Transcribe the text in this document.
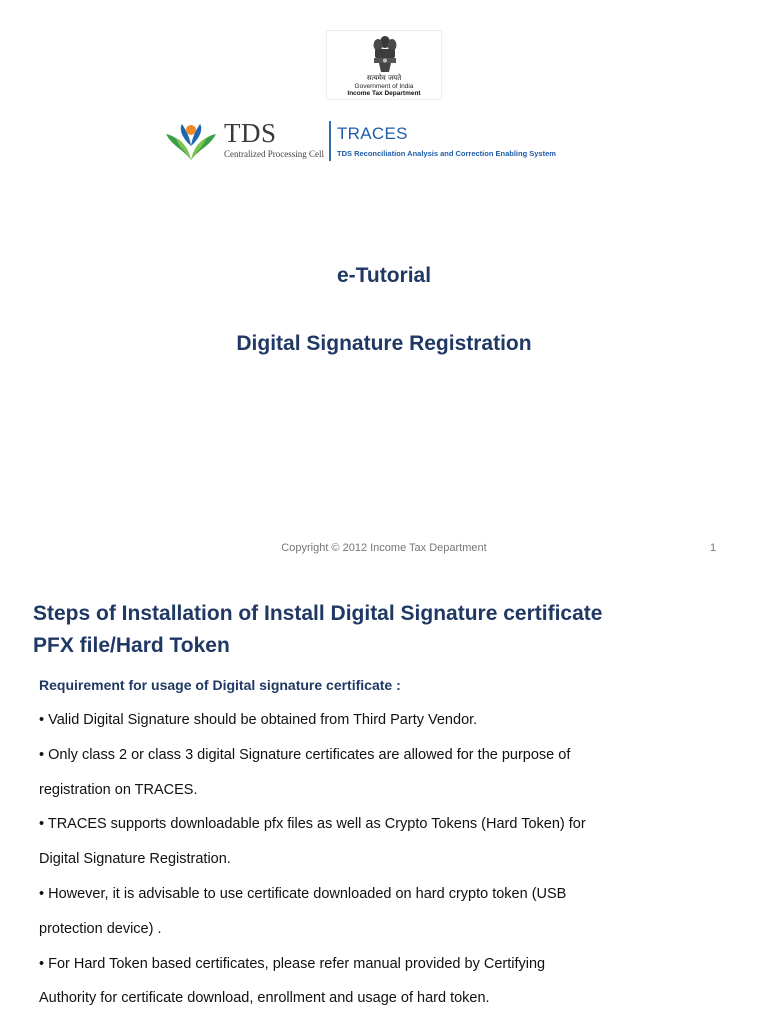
सत्यमेव जयते
Government of India
Income Tax Department
TDS
Centralized Processing Cell
TRACES
TDS Reconciliation Analysis and Correction Enabling System
e-Tutorial
Digital Signature Registration
Copyright © 2012 Income Tax Department	1
Steps of Installation of Install Digital Signature certificate
PFX file/Hard Token
Requirement for usage of Digital signature certificate :
• Valid Digital Signature should be obtained from Third Party Vendor.
• Only class 2 or class 3 digital Signature certificates are allowed for the purpose of
registration on TRACES.
• TRACES supports downloadable pfx files as well as Crypto Tokens (Hard Token) for
Digital Signature Registration.
• However, it is advisable to use certificate downloaded on hard crypto token (USB
protection device) .
• For Hard Token based certificates, please refer manual provided by Certifying
Authority for certificate download, enrollment and usage of hard token.
